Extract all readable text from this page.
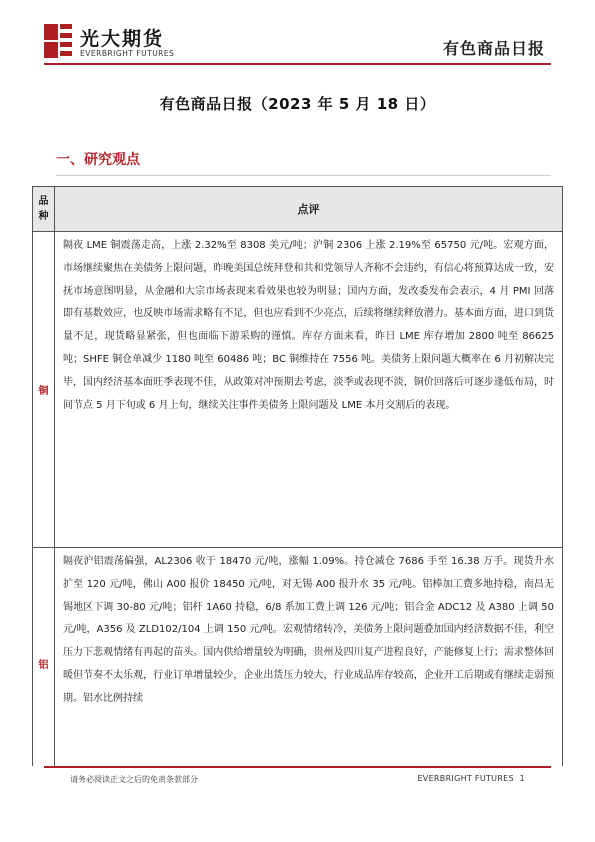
光大期货
EVERBRIGHT FUTURES	有色商品日报
有色商品日报（2023 年 5 月 18 日）
一、研究观点
品种
点评
铜
隔夜 LME 铜震荡走高，上涨 2.32%至 8308 美元/吨；沪铜 2306 上涨 2.19%至 65750 元/吨。宏观方面，市场继续聚焦在美债务上限问题，昨晚美国总统拜登和共和党领导人齐称不会违约，有信心将预算达成一致，安抚市场意图明显，从金融和大宗市场表现来看效果也较为明显；国内方面，发改委发布会表示，4 月 PMI 回落即有基数效应，也反映市场需求略有不足，但也应看到不少亮点，后续将继续释放潜力。基本面方面，进口到货量不足，现货略显紧张，但也面临下游采购的谨慎。库存方面来看，昨日 LME 库存增加 2800 吨至 86625 吨；SHFE 铜仓单减少 1180 吨至 60486 吨；BC 铜维持在 7556 吨。美债务上限问题大概率在 6 月初解决完毕，国内经济基本面旺季表现不佳，从政策对冲预期去考虑，淡季或表现不淡，铜价回落后可逐步逢低布局，时间节点 5 月下旬或 6 月上旬，继续关注事件美债务上限问题及 LME 本月交割后的表现。
铝
隔夜沪铝震荡偏强，AL2306 收于 18470 元/吨，涨幅 1.09%。持仓减仓 7686 手至 16.38 万手。现货升水扩至 120 元/吨，佛山 A00 报价 18450 元/吨，对无锡 A00 报升水 35 元/吨。铝棒加工费多地持稳，南昌无锡地区下调 30-80 元/吨；铝杆 1A60 持稳，6/8 系加工费上调 126 元/吨；铝合金 ADC12 及 A380 上调 50 元/吨，A356 及 ZLD102/104 上调 150 元/吨。宏观情绪转冷，美债务上限问题叠加国内经济数据不佳，利空压力下悲观情绪有再起的苗头。国内供给增量较为明确，贵州及四川复产进程良好，产能修复上行；需求整体回暖但节奏不太乐观，行业订单增量较少，企业出货压力较大，行业成品库存较高，企业开工后期或有继续走弱预期。铝水比例持续
请务必阅读正文之后的免责条款部分	EVERBRIGHT FUTURES 1
